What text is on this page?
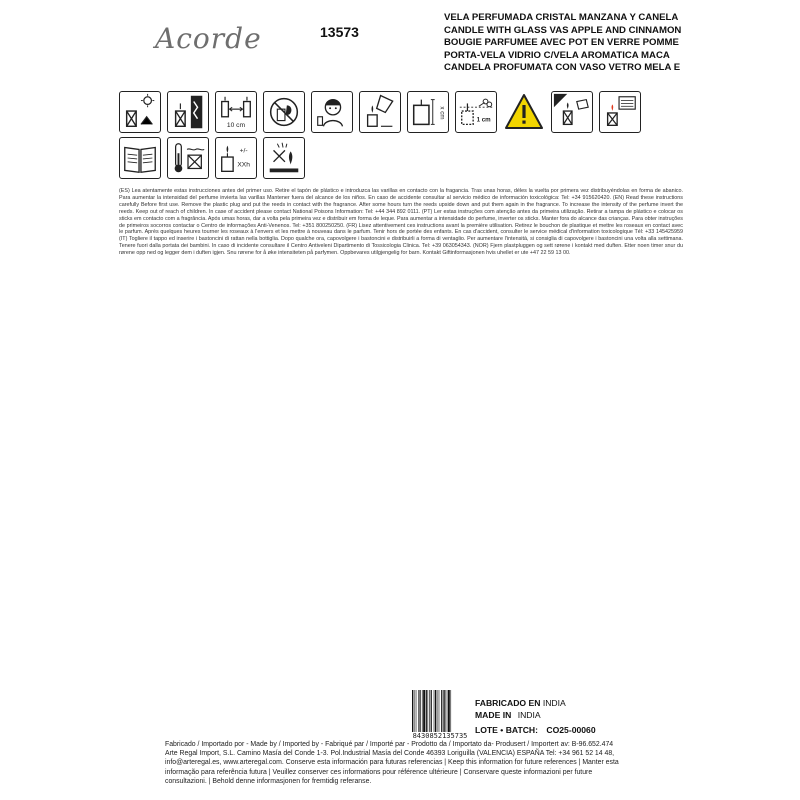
Acorde	13573
VELA PERFUMADA CRISTAL MANZANA Y CANELA
CANDLE WITH GLASS VAS APPLE AND CINNAMON
BOUGIE PARFUMEE AVEC POT EN VERRE POMME
PORTA-VELA VIDRIO C/VELA AROMATICA MACA
CANDELA PROFUMATA CON VASO VETRO MELA E
10 cm
x cm
1 cm
+/-
XXh
(ES) Lea atentamente estas instrucciones antes del primer uso. Retire el tapón de plástico e introduzca las varillas en contacto con la fragancia. Tras unas horas, déles la vuelta por primera vez distribuyéndolas en forma de abanico. Para aumentar la intensidad del perfume invierta las varillas Mantener fuera del alcance de los niños. En caso de accidente consultar al servicio médico de información toxicológica: Tel: +34 915620420. (EN) Read these instructions carefully Before first use. Remove the plastic plug and put the reeds in contact with the fragrance. After some hours turn the reeds upside down and put them again in the fragrance. To increase the intensity of the perfume invert the reeds. Keep out of reach of children. In case of accident please contact National Poisons Information: Tel: +44 344 892 0111. (PT) Ler estas instruções com atenção antes da primeira utilização. Retirar a tampa de plástico e colocar os sticks em contacto com a fragrância. Após umas horas, dar a volta pela primeira vez e distribuir em forma de leque. Para aumentar a intensidade do perfume, inverter os sticks. Manter fora do alcance das crianças. Para obter instruções de primeiros socorros contactar o Centro de informações Anti-Venenos. Tel: +351 800250250. (FR) Lisez attentivement ces instructions avant la première utilisation. Retirez le bouchon de plastique et mettre les roseaux en contact avec le parfum. Après quelques heures tourner les roseaux à l'envers et les mettre à nouveau dans le parfum. Tenir hors de portée des enfants. En cas d'accident, consulter le service médical d'information toxicologique Tél: +33 145425959 (IT) Togliere il tappo ed inserire i bastoncini di rattan nella bottiglia. Dopo qualche ora, capovolgere i bastoncini e distribuirli a forma di ventaglio. Per aumentare l'intensità, si consiglia di capovolgere i bastoncini una volta alla settimana. Tenere fuori dalla portata dei bambini. In caso di incidente consultare il Centro Antiveleni Dipartimento di Tossicologia Clinica. Tel: +39 063054343. (NOR) Fjern plastpluggen og sett rørene i kontakt med duften. Etter noen timer snur du rørene opp ned og legger dem i duften igjen. Snu rørene for å øke intensiteten på parfymen. Oppbevares utilgjengelig for barn. Kontakt Giftinformasjonen hvis uhellet er ute +47 22 59 13 00.
8430852135735
FABRICADO EN INDIA
MADE IN INDIA
LOTE • BATCH: CO25-00060
Fabricado / Importado por - Made by / Imported by - Fabriqué par / Importé par - Prodotto da / Importato da- Produsert / Importert av: B-96.652.474
Arte Regal Import, S.L. Camino Masía del Conde 1-3. Pol.Industrial Masía del Conde 46393 Loriguilla (VALENCIA) ESPAÑA Tel: +34 961 52 14 48,
info@arteregal.es, www.arteregal.com. Conserve esta información para futuras referencias | Keep this information for future references | Manter esta
informação para referência futura | Veuillez conserver ces informations pour référence ultérieure | Conservare queste informazioni per future
consultazioni. | Behold denne informasjonen for fremtidig referanse.
